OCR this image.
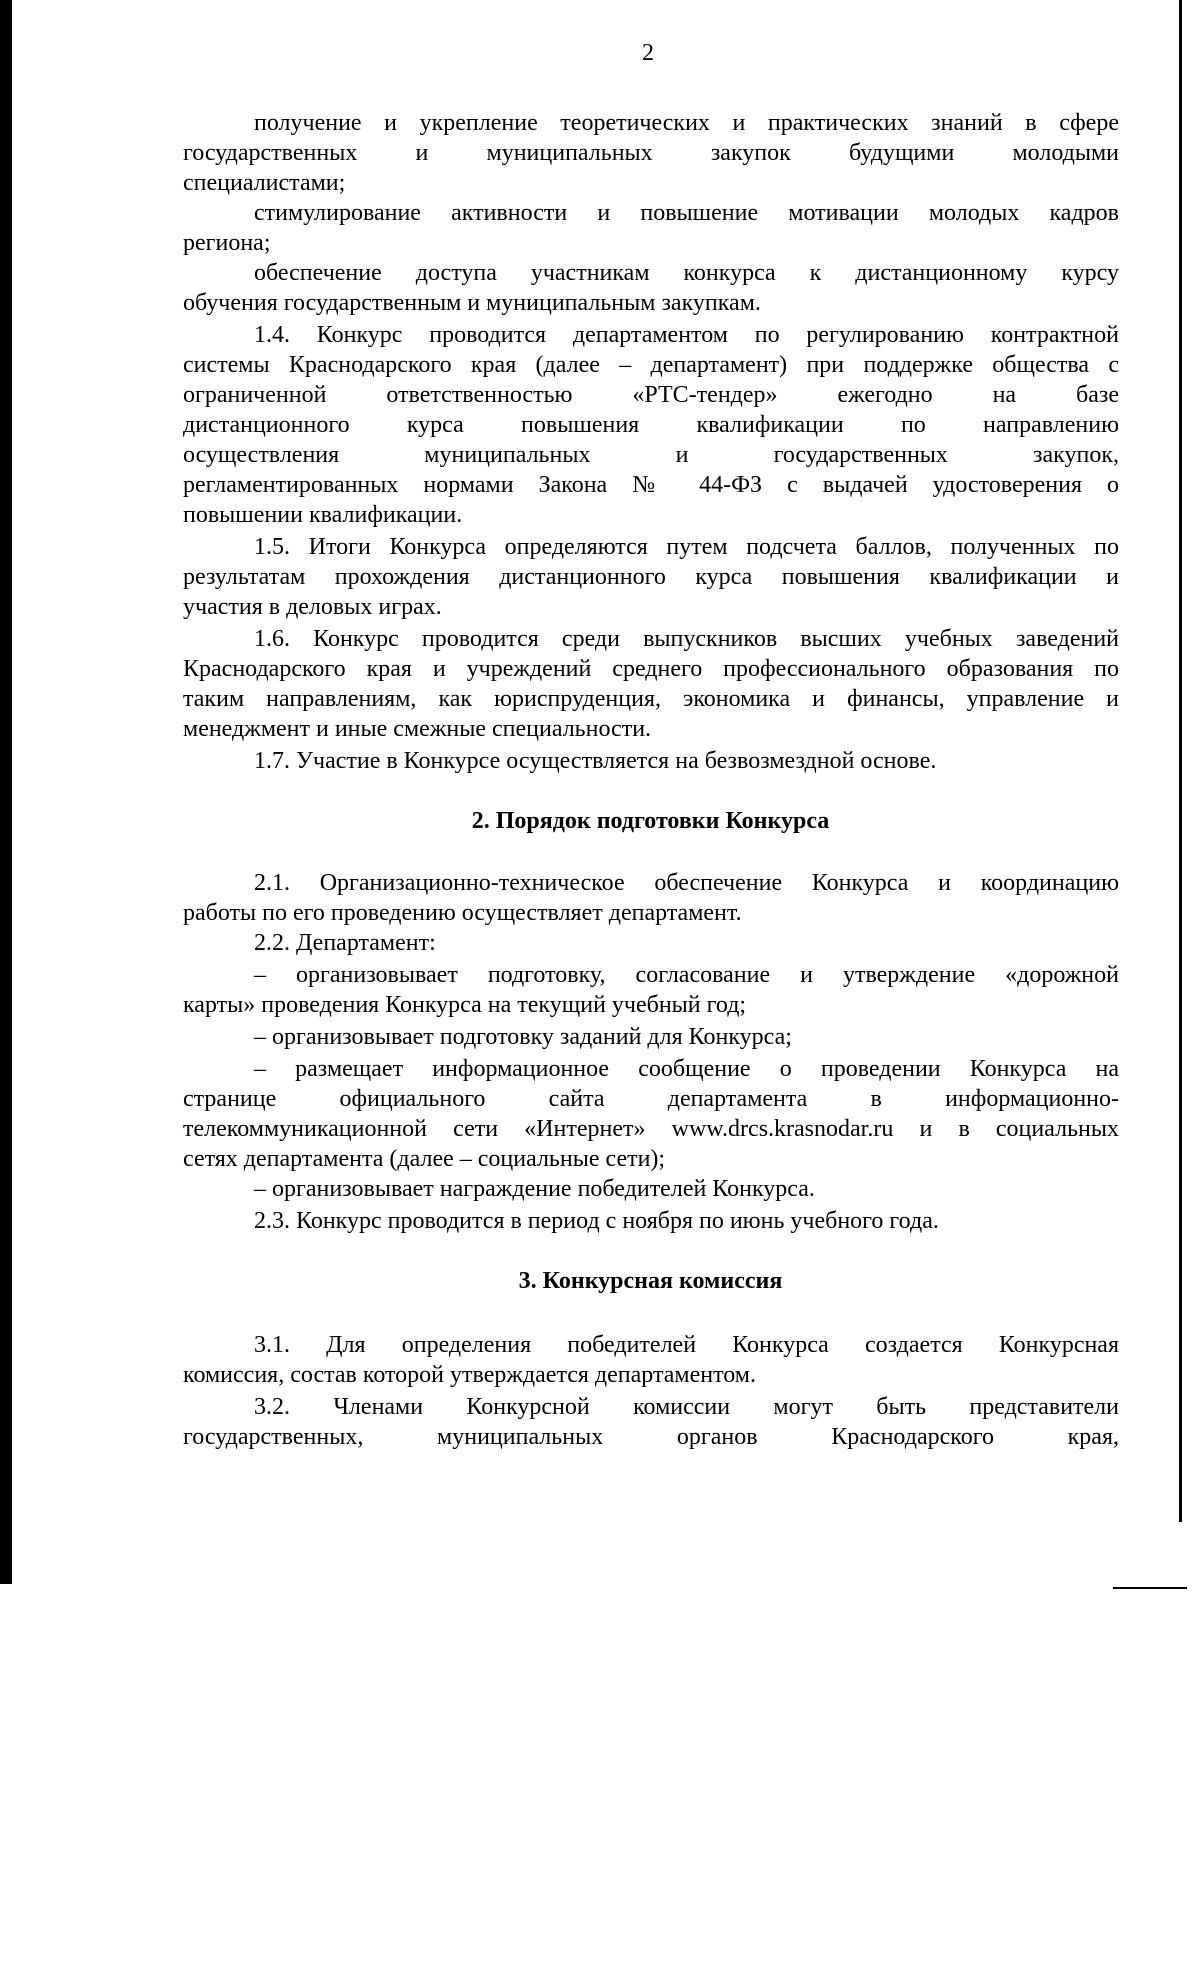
2
получение и укрепление теоретических и практических знаний в сфере
государственных и муниципальных закупок будущими молодыми
специалистами;
стимулирование активности и повышение мотивации молодых кадров
региона;
обеспечение доступа участникам конкурса к дистанционному курсу
обучения государственным и муниципальным закупкам.
1.4. Конкурс проводится департаментом по регулированию контрактной
системы Краснодарского края (далее – департамент) при поддержке общества с
ограниченной ответственностью «РТС-тендер» ежегодно на базе
дистанционного курса повышения квалификации по направлению
осуществления муниципальных и государственных закупок,
регламентированных нормами Закона № 44-ФЗ с выдачей удостоверения о
повышении квалификации.
1.5. Итоги Конкурса определяются путем подсчета баллов, полученных по
результатам прохождения дистанционного курса повышения квалификации и
участия в деловых играх.
1.6. Конкурс проводится среди выпускников высших учебных заведений
Краснодарского края и учреждений среднего профессионального образования по
таким направлениям, как юриспруденция, экономика и финансы, управление и
менеджмент и иные смежные специальности.
1.7. Участие в Конкурсе осуществляется на безвозмездной основе.
2. Порядок подготовки Конкурса
2.1. Организационно-техническое обеспечение Конкурса и координацию
работы по его проведению осуществляет департамент.
2.2. Департамент:
– организовывает подготовку, согласование и утверждение «дорожной
карты» проведения Конкурса на текущий учебный год;
– организовывает подготовку заданий для Конкурса;
– размещает информационное сообщение о проведении Конкурса на
странице официального сайта департамента в информационно-
телекоммуникационной сети «Интернет» www.drcs.krasnodar.ru и в социальных
сетях департамента (далее – социальные сети);
– организовывает награждение победителей Конкурса.
2.3. Конкурс проводится в период с ноября по июнь учебного года.
3. Конкурсная комиссия
3.1. Для определения победителей Конкурса создается Конкурсная
комиссия, состав которой утверждается департаментом.
3.2. Членами Конкурсной комиссии могут быть представители
государственных, муниципальных органов Краснодарского края,
